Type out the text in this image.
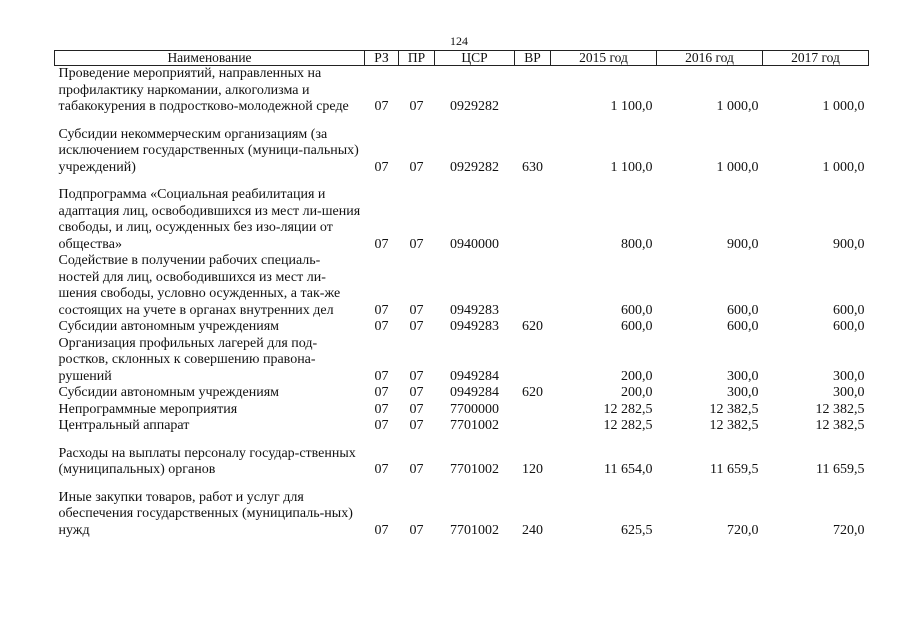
124
Наименование	РЗ	ПР	ЦСР	ВР	2015 год	2016 год	2017 год
Проведение мероприятий, направленных на профилактику наркомании, алкоголизма и табакокурения в подростково-молодежной среде	07	07	0929282		1 100,0	1 000,0	1 000,0
Субсидии некоммерческим организациям (за исключением государственных (муници-пальных) учреждений)	07	07	0929282	630	1 100,0	1 000,0	1 000,0
Подпрограмма «Социальная реабилитация и адаптация лиц, освободившихся из мест ли-шения свободы, и лиц, осужденных без изо-ляции от общества»	07	07	0940000		800,0	900,0	900,0
Содействие в получении рабочих специаль-ностей для лиц, освободившихся из мест ли-шения свободы, условно осужденных, а так-же состоящих на учете в органах внутренних дел	07	07	0949283		600,0	600,0	600,0
Субсидии автономным учреждениям	07	07	0949283	620	600,0	600,0	600,0
Организация профильных лагерей для под-ростков, склонных к совершению правона-рушений	07	07	0949284		200,0	300,0	300,0
Субсидии автономным учреждениям	07	07	0949284	620	200,0	300,0	300,0
Непрограммные мероприятия	07	07	7700000		12 282,5	12 382,5	12 382,5
Центральный аппарат	07	07	7701002		12 282,5	12 382,5	12 382,5
Расходы на выплаты персоналу государ-ственных (муниципальных) органов	07	07	7701002	120	11 654,0	11 659,5	11 659,5
Иные закупки товаров, работ и услуг для обеспечения государственных (муниципаль-ных) нужд	07	07	7701002	240	625,5	720,0	720,0
